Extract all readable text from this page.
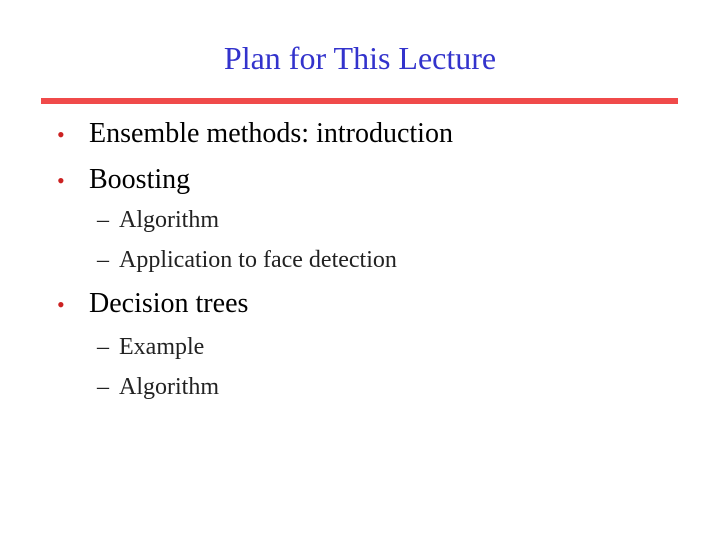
Plan for This Lecture
• Ensemble methods: introduction
• Boosting
– Algorithm
– Application to face detection
• Decision trees
– Example
– Algorithm
